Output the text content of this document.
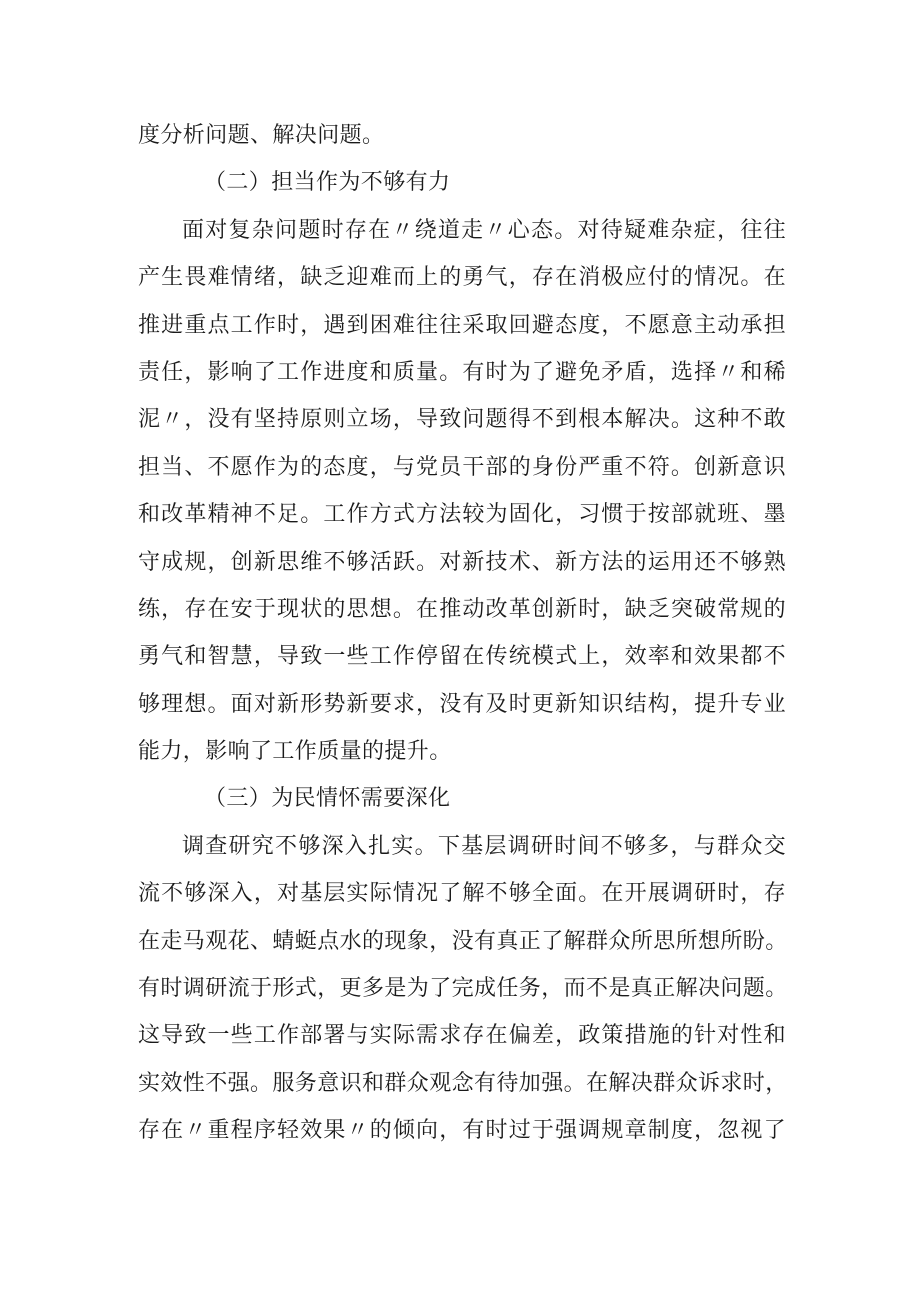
度分析问题、解决问题。
（二）担当作为不够有力
面对复杂问题时存在〃绕道走〃心态。对待疑难杂症，往往
产生畏难情绪，缺乏迎难而上的勇气，存在消极应付的情况。在
推进重点工作时，遇到困难往往采取回避态度，不愿意主动承担
责任，影响了工作进度和质量。有时为了避免矛盾，选择〃和稀
泥〃，没有坚持原则立场，导致问题得不到根本解决。这种不敢
担当、不愿作为的态度，与党员干部的身份严重不符。创新意识
和改革精神不足。工作方式方法较为固化，习惯于按部就班、墨
守成规，创新思维不够活跃。对新技术、新方法的运用还不够熟
练，存在安于现状的思想。在推动改革创新时，缺乏突破常规的
勇气和智慧，导致一些工作停留在传统模式上，效率和效果都不
够理想。面对新形势新要求，没有及时更新知识结构，提升专业
能力，影响了工作质量的提升。
（三）为民情怀需要深化
调查研究不够深入扎实。下基层调研时间不够多，与群众交
流不够深入，对基层实际情况了解不够全面。在开展调研时，存
在走马观花、蜻蜓点水的现象，没有真正了解群众所思所想所盼。
有时调研流于形式，更多是为了完成任务，而不是真正解决问题。
这导致一些工作部署与实际需求存在偏差，政策措施的针对性和
实效性不强。服务意识和群众观念有待加强。在解决群众诉求时，
存在〃重程序轻效果〃的倾向，有时过于强调规章制度，忽视了
